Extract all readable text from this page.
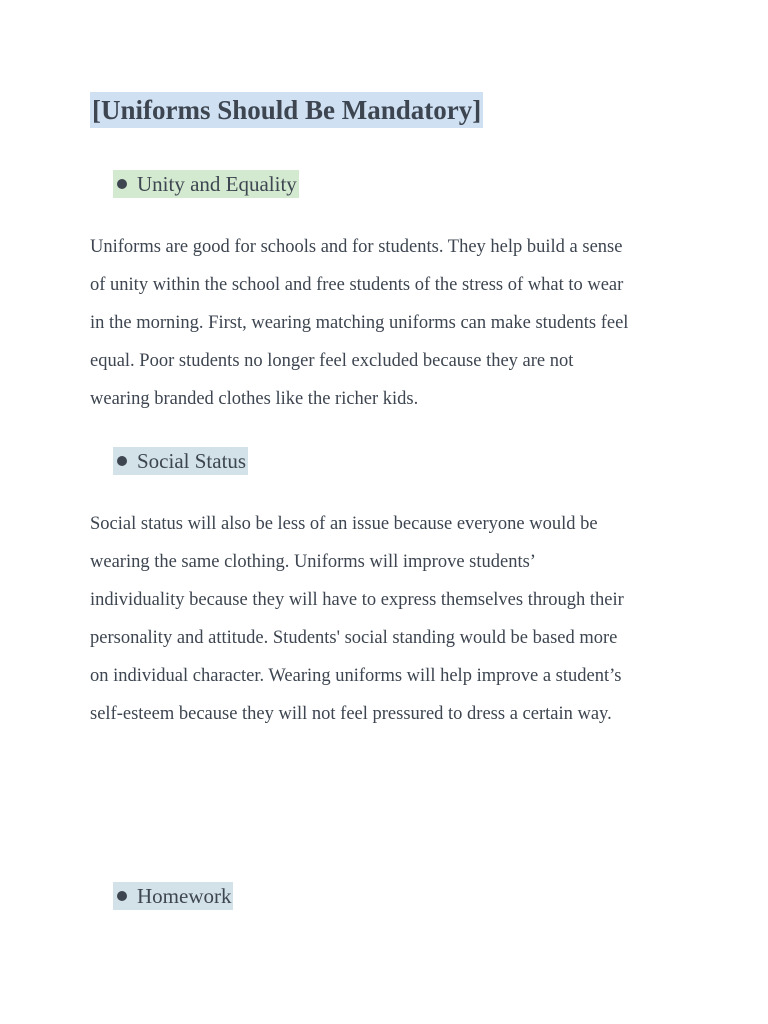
[Uniforms Should Be Mandatory]
Unity and Equality

Uniforms are good for schools and for students. They help build a sense
of unity within the school and free students of the stress of what to wear
in the morning. First, wearing matching uniforms can make students feel
equal. Poor students no longer feel excluded because they are not
wearing branded clothes like the richer kids.

Social Status

Social status will also be less of an issue because everyone would be
wearing the same clothing. Uniforms will improve students’
individuality because they will have to express themselves through their
personality and attitude. Students' social standing would be based more
on individual character. Wearing uniforms will help improve a student’s
self-esteem because they will not feel pressured to dress a certain way.

Homework
